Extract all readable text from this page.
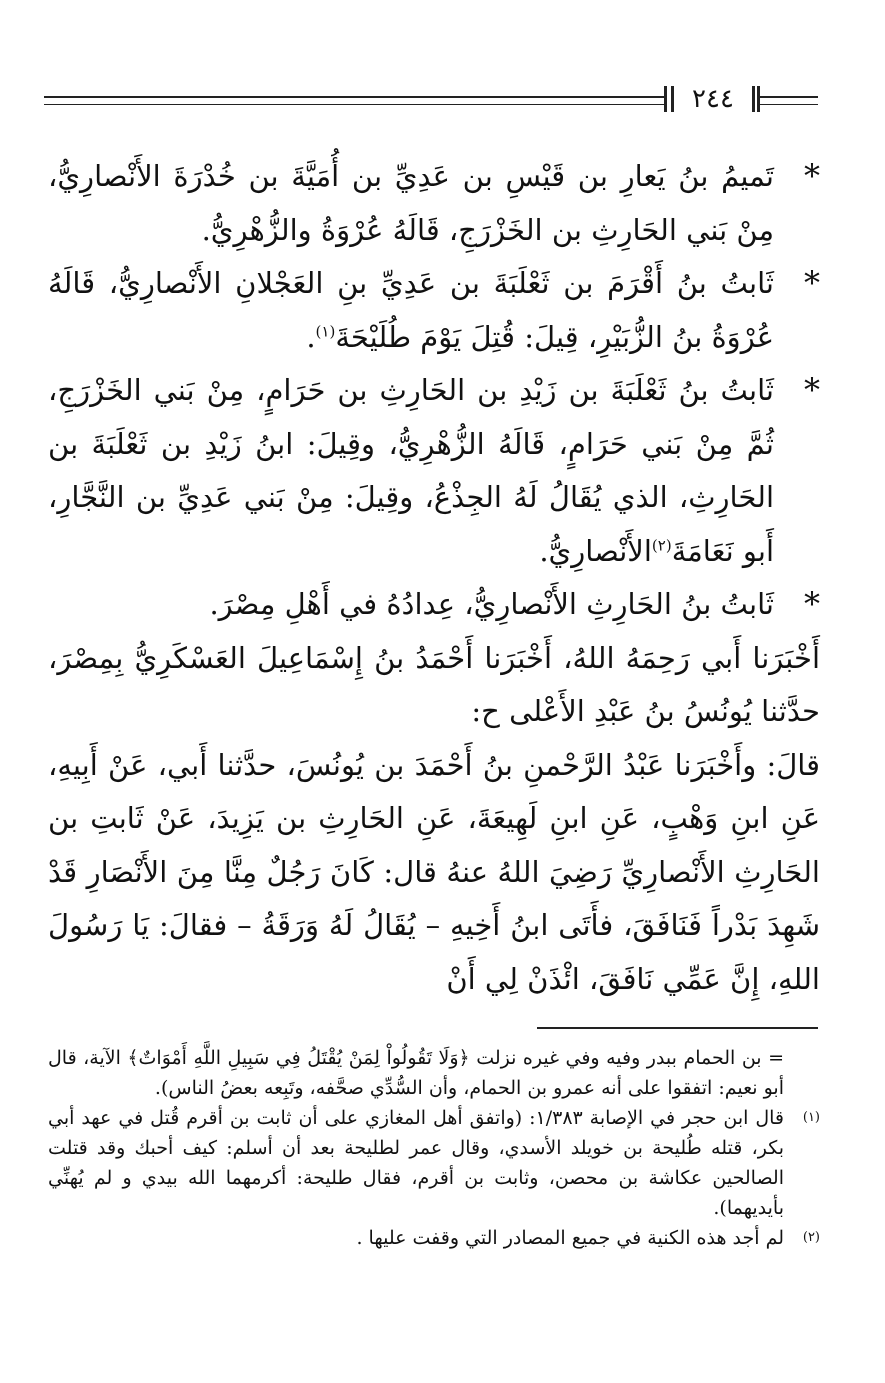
٢٤٤

*
تَميمُ بنُ يَعارِ بن قَيْسِ بن عَدِيِّ بن أُمَيَّةَ بن خُدْرَةَ الأَنْصارِيُّ، مِنْ بَني الحَارِثِ بن الخَزْرَجِ، قَالَهُ عُرْوَةُ والزُّهْرِيُّ.

*
ثَابتُ بنُ أَقْرَمَ بن ثَعْلَبَةَ بن عَدِيِّ بنِ العَجْلانِ الأَنْصارِيُّ، قَالَهُ عُرْوَةُ بنُ الزُّبَيْرِ، قِيلَ: قُتِلَ يَوْمَ طُلَيْحَةَ$^{(١)}$.

*
ثَابتُ بنُ ثَعْلَبَةَ بن زَيْدِ بن الحَارِثِ بن حَرَامٍ، مِنْ بَني الخَزْرَجِ، ثُمَّ مِنْ بَني حَرَامٍ، قَالَهُ الزُّهْرِيُّ، وقِيلَ: ابنُ زَيْدِ بن ثَعْلَبَةَ بن الحَارِثِ، الذي يُقَالُ لَهُ الجِذْعُ، وقِيلَ: مِنْ بَني عَدِيِّ بن النَّجَّارِ، أَبو نَعَامَةَ$^{(٢)}$الأَنْصارِيُّ.

*
ثَابتُ بنُ الحَارِثِ الأَنْصارِيُّ، عِدادُهُ في أَهْلِ مِصْرَ.

أَخْبَرَنا أَبي رَحِمَهُ اللهُ، أَخْبَرَنا أَحْمَدُ بنُ إِسْمَاعِيلَ العَسْكَرِيُّ بِمِصْرَ، حدَّثنا يُونُسُ بنُ عَبْدِ الأَعْلى ح:

قالَ: وأَخْبَرَنا عَبْدُ الرَّحْمنِ بنُ أَحْمَدَ بن يُونُسَ، حدَّثنا أَبي، عَنْ أَبِيهِ، عَنِ ابنِ وَهْبٍ، عَنِ ابنِ لَهِيعَةَ، عَنِ الحَارِثِ بن يَزِيدَ، عَنْ ثَابتِ بن الحَارِثِ الأَنْصارِيِّ رَضِيَ اللهُ عنهُ قال: كَانَ رَجُلٌ مِنَّا مِنَ الأَنْصَارِ قَدْ شَهِدَ بَدْراً فَنَافَقَ، فأَتَى ابنُ أَخِيهِ – يُقَالُ لَهُ وَرَقَةُ – فقالَ: يَا رَسُولَ اللهِ، إِنَّ عَمِّي نَافَقَ، ائْذَنْ لِي أَنْ

= بن الحمام ببدر وفيه وفي غيره نزلت ﴿وَلَا تَقُولُواْ لِمَنْ يُقْتَلُ فِي سَبِيلِ اللَّهِ أَمْوَاتٌ﴾ الآية، قال أبو نعيم: اتفقوا على أنه عمرو بن الحمام، وأن السُّدِّي صحَّفه، وتَبِعه بعضُ الناس).

(١)
قال ابن حجر في الإصابة ١/٣٨٣: (واتفق أهل المغازي على أن ثابت بن أقرم قُتل في عهد أبي بكر، قتله طُليحة بن خويلد الأسدي، وقال عمر لطليحة بعد أن أسلم: كيف أحبك وقد قتلت الصالحين عكاشة بن محصن، وثابت بن أقرم، فقال طليحة: أكرمهما الله بيدي و لم يُهنِّي بأيديهما).

(٢)
لم أجد هذه الكنية في جميع المصادر التي وقفت عليها .
